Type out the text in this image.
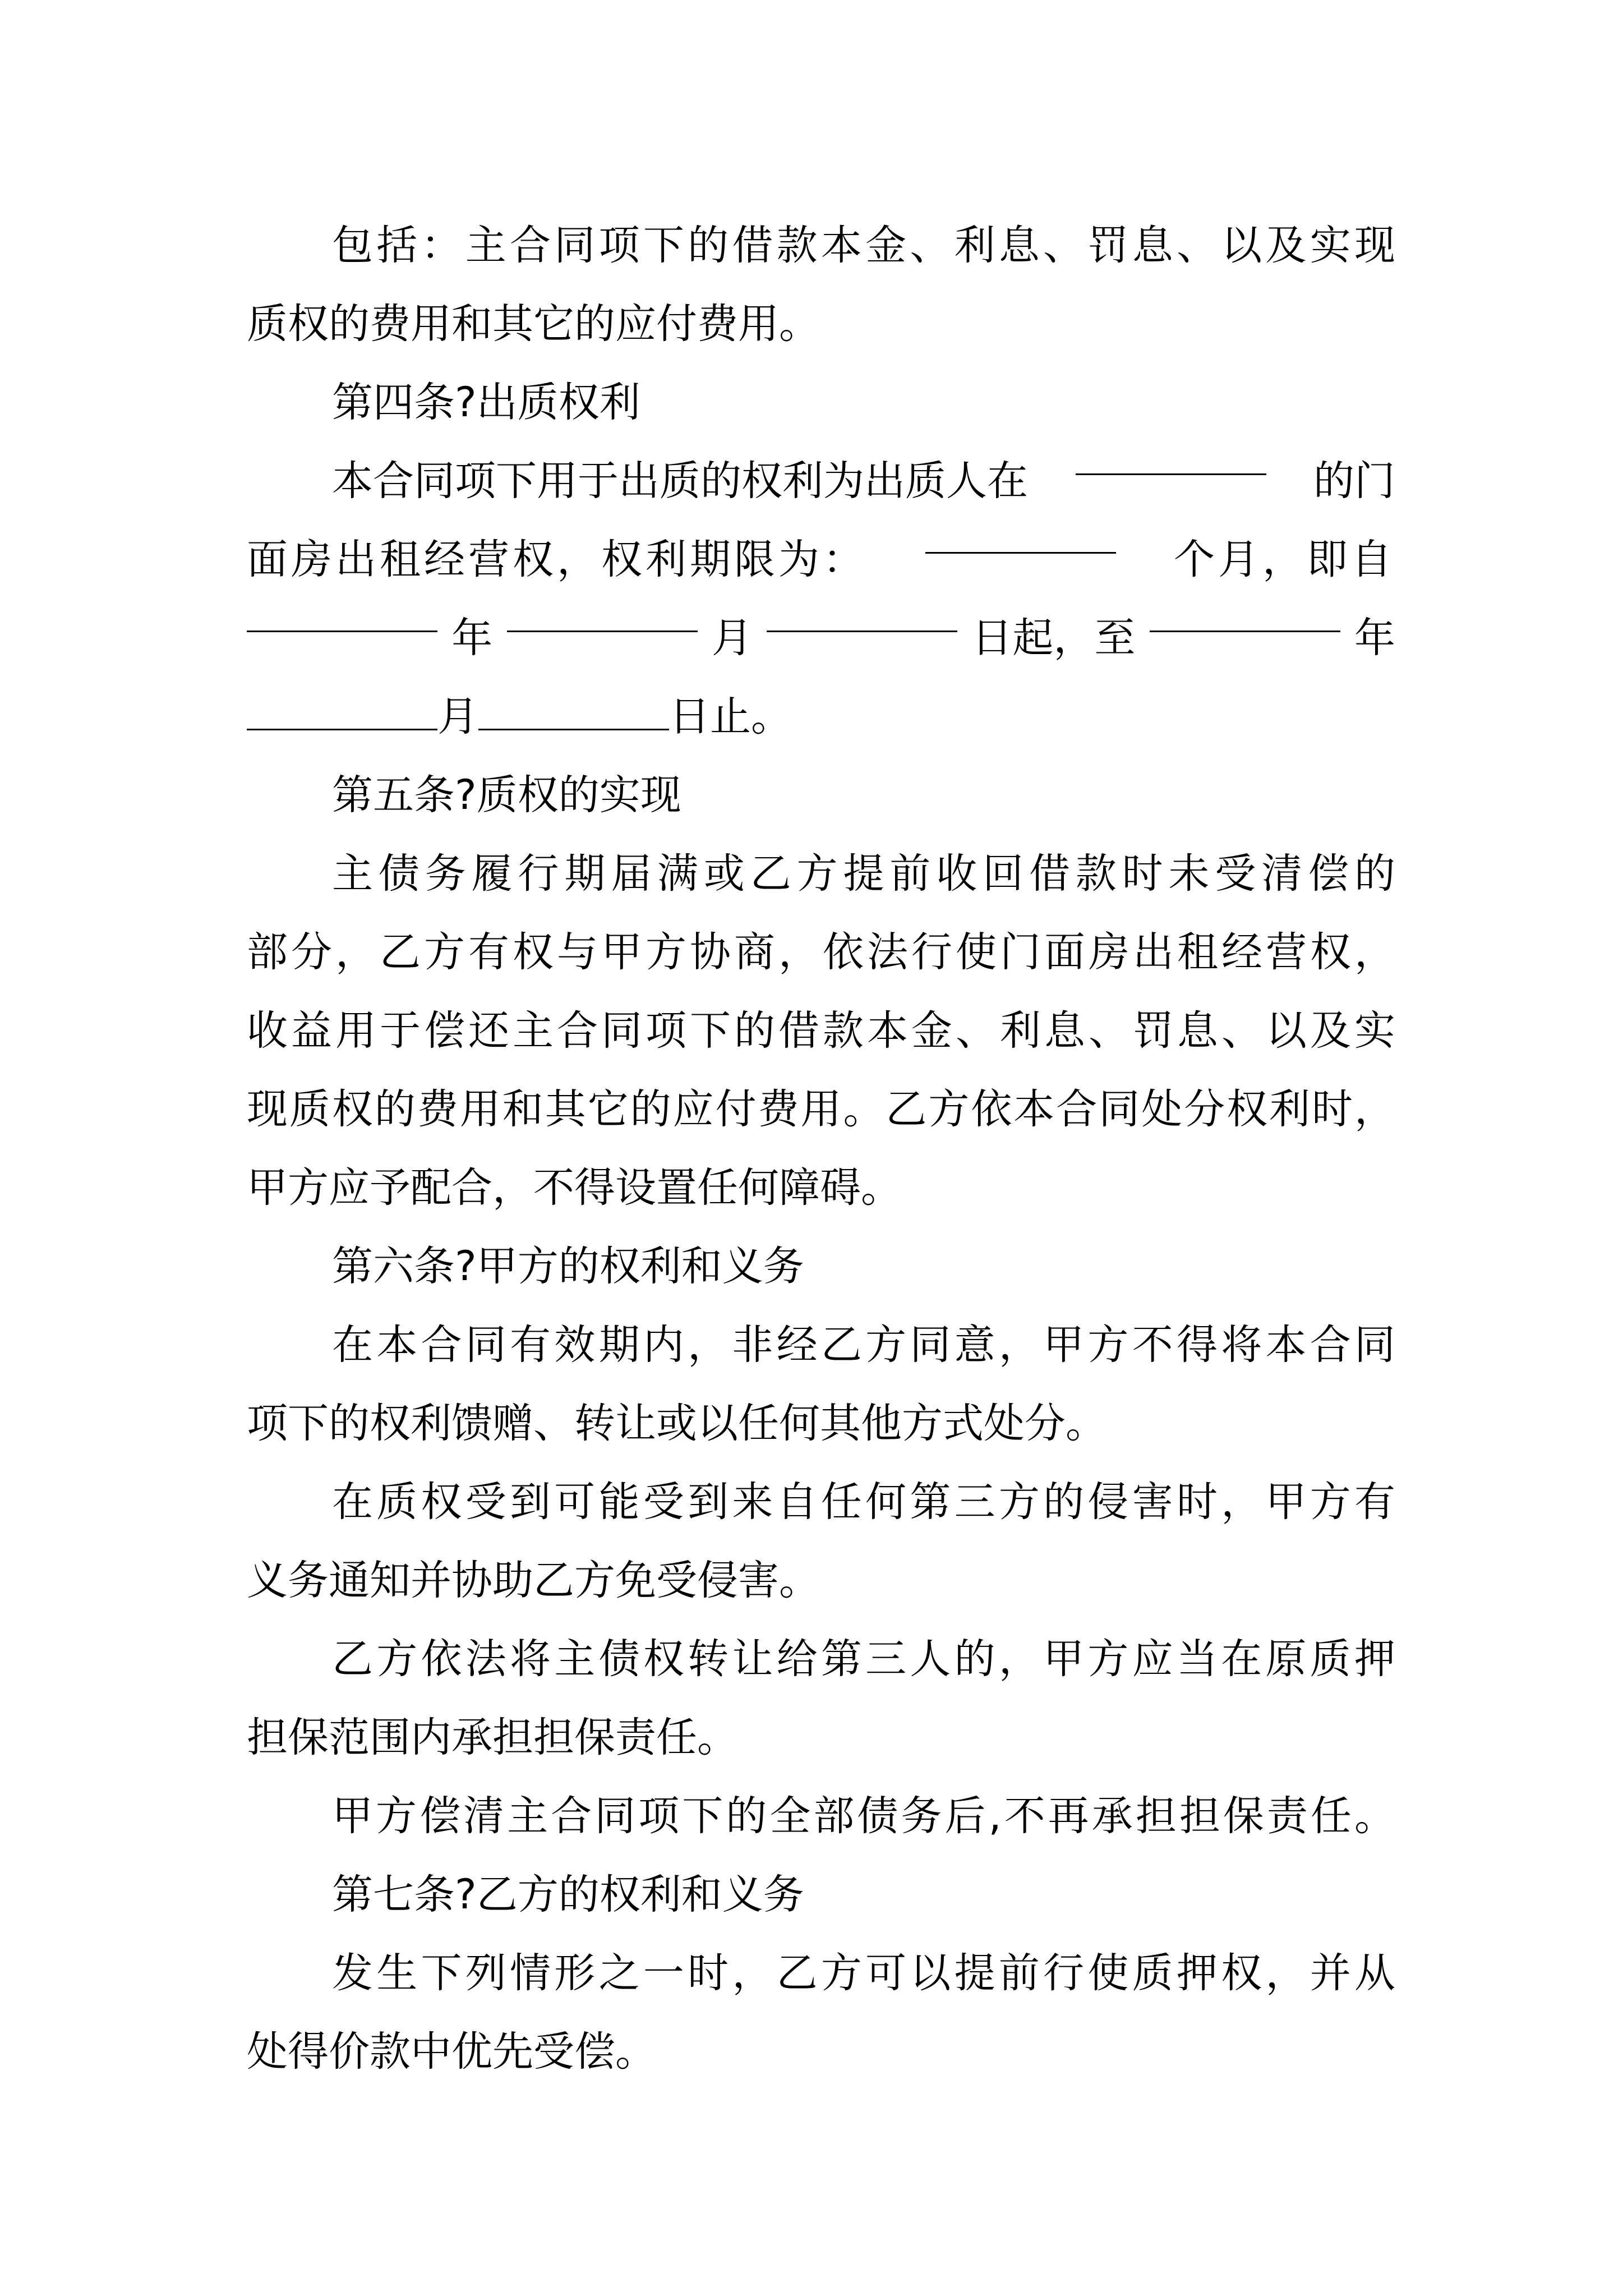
包括：主合同项下的借款本金、利息、罚息、以及实现

质权的费用和其它的应付费用。

第四条?出质权利

本合同项下用于出质的权利为出质人在	的门

面房出租经营权，权利期限为：	个月，即自

年	月	日起，至	年

月	日止。

第五条?质权的实现

主债务履行期届满或乙方提前收回借款时未受清偿的

部分，乙方有权与甲方协商，依法行使门面房出租经营权，

收益用于偿还主合同项下的借款本金、利息、罚息、以及实

现质权的费用和其它的应付费用。乙方依本合同处分权利时，

甲方应予配合，不得设置任何障碍。

第六条?甲方的权利和义务

在本合同有效期内，非经乙方同意，甲方不得将本合同

项下的权利馈赠、转让或以任何其他方式处分。

在质权受到可能受到来自任何第三方的侵害时，甲方有

义务通知并协助乙方免受侵害。

乙方依法将主债权转让给第三人的，甲方应当在原质押

担保范围内承担担保责任。

甲方偿清主合同项下的全部债务后,不再承担担保责任。

第七条?乙方的权利和义务

发生下列情形之一时，乙方可以提前行使质押权，并从

处得价款中优先受偿。
